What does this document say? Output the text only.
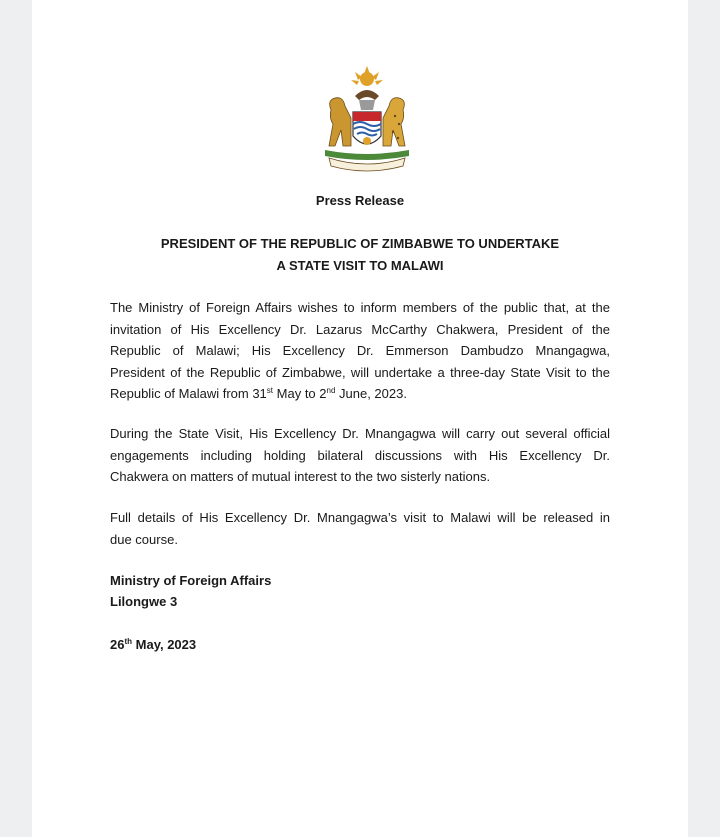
Press Release
PRESIDENT OF THE REPUBLIC OF ZIMBABWE TO UNDERTAKE
A STATE VISIT TO MALAWI
The Ministry of Foreign Affairs wishes to inform members of the public that, at the
invitation of His Excellency Dr. Lazarus McCarthy Chakwera, President of the
Republic of Malawi; His Excellency Dr. Emmerson Dambudzo Mnangagwa,
President of the Republic of Zimbabwe, will undertake a three-day State Visit to the
Republic of Malawi from 31st May to 2nd June, 2023.
During the State Visit, His Excellency Dr. Mnangagwa will carry out several official
engagements including holding bilateral discussions with His Excellency Dr.
Chakwera on matters of mutual interest to the two sisterly nations.
Full details of His Excellency Dr. Mnangagwa’s visit to Malawi will be released in
due course.
Ministry of Foreign Affairs
Lilongwe 3
26th May, 2023
